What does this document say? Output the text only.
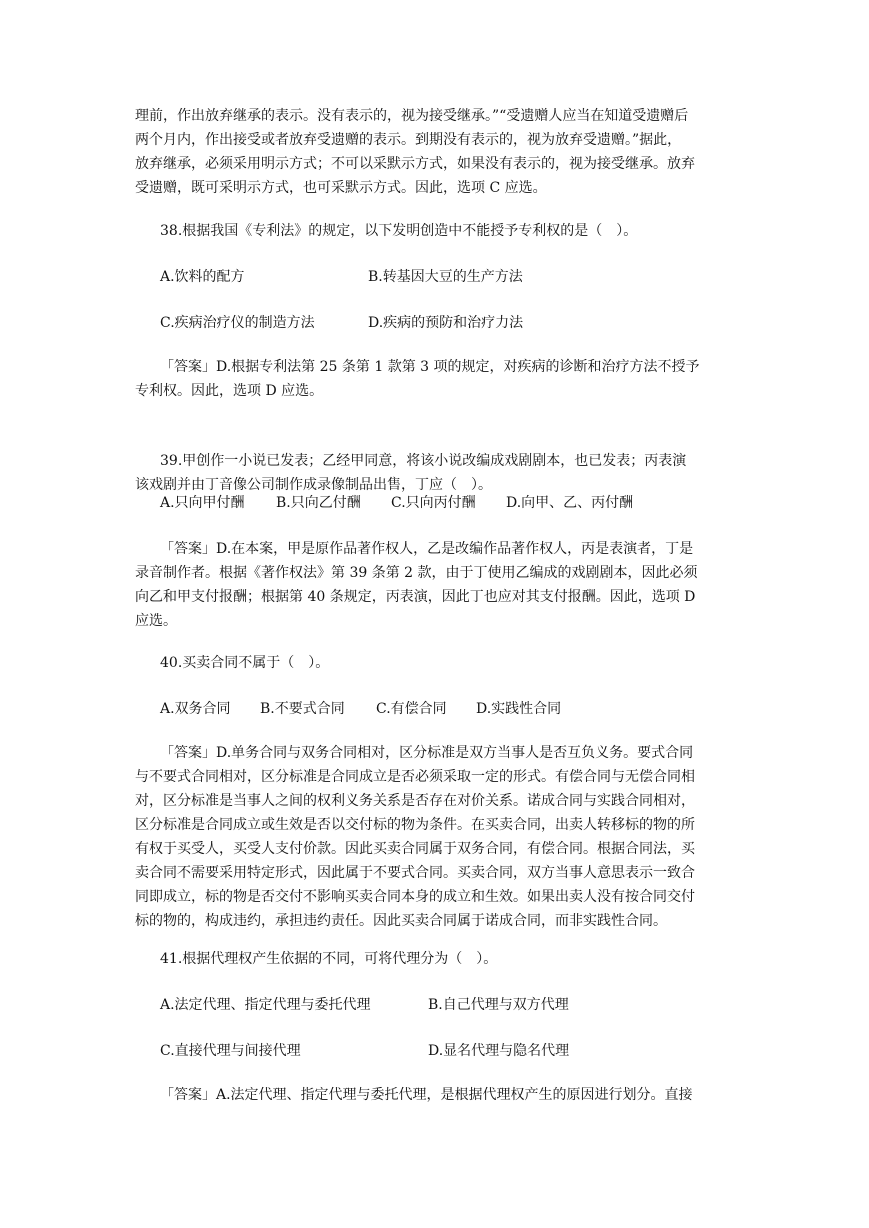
理前，作出放弃继承的表示。没有表示的，视为接受继承。”“受遗赠人应当在知道受遗赠后
两个月内，作出接受或者放弃受遗赠的表示。到期没有表示的，视为放弃受遗赠。”据此，
放弃继承，必须采用明示方式；不可以采默示方式，如果没有表示的，视为接受继承。放弃
受遗赠，既可采明示方式，也可采默示方式。因此，选项 C 应选。
38.根据我国《专利法》的规定，以下发明创造中不能授予专利权的是（　）。
A.饮料的配方	B.转基因大豆的生产方法
C.疾病治疗仪的制造方法	D.疾病的预防和治疗力法
「答案」D.根据专利法第 25 条第 1 款第 3 项的规定，对疾病的诊断和治疗方法不授予
专利权。因此，选项 D 应选。
39.甲创作一小说已发表；乙经甲同意，将该小说改编成戏剧剧本，也已发表；丙表演
该戏剧并由丁音像公司制作成录像制品出售，丁应（　）。
A.只向甲付酬 B.只向乙付酬 C.只向丙付酬 D.向甲、乙、丙付酬
「答案」D.在本案，甲是原作品著作权人，乙是改编作品著作权人，丙是表演者，丁是
录音制作者。根据《著作权法》第 39 条第 2 款，由于丁使用乙编成的戏剧剧本，因此必须
向乙和甲支付报酬；根据第 40 条规定，丙表演，因此丁也应对其支付报酬。因此，选项 D
应选。
40.买卖合同不属于（　）。
A.双务合同 B.不要式合同 C.有偿合同 D.实践性合同
「答案」D.单务合同与双务合同相对，区分标准是双方当事人是否互负义务。要式合同
与不要式合同相对，区分标准是合同成立是否必须采取一定的形式。有偿合同与无偿合同相
对，区分标准是当事人之间的权利义务关系是否存在对价关系。诺成合同与实践合同相对，
区分标准是合同成立或生效是否以交付标的物为条件。在买卖合同，出卖人转移标的物的所
有权于买受人，买受人支付价款。因此买卖合同属于双务合同，有偿合同。根据合同法，买
卖合同不需要采用特定形式，因此属于不要式合同。买卖合同，双方当事人意思表示一致合
同即成立，标的物是否交付不影响买卖合同本身的成立和生效。如果出卖人没有按合同交付
标的物的，构成违约，承担违约责任。因此买卖合同属于诺成合同，而非实践性合同。
41.根据代理权产生依据的不同，可将代理分为（　）。
A.法定代理、指定代理与委托代理	B.自己代理与双方代理
C.直接代理与间接代理	D.显名代理与隐名代理
「答案」A.法定代理、指定代理与委托代理，是根据代理权产生的原因进行划分。直接
